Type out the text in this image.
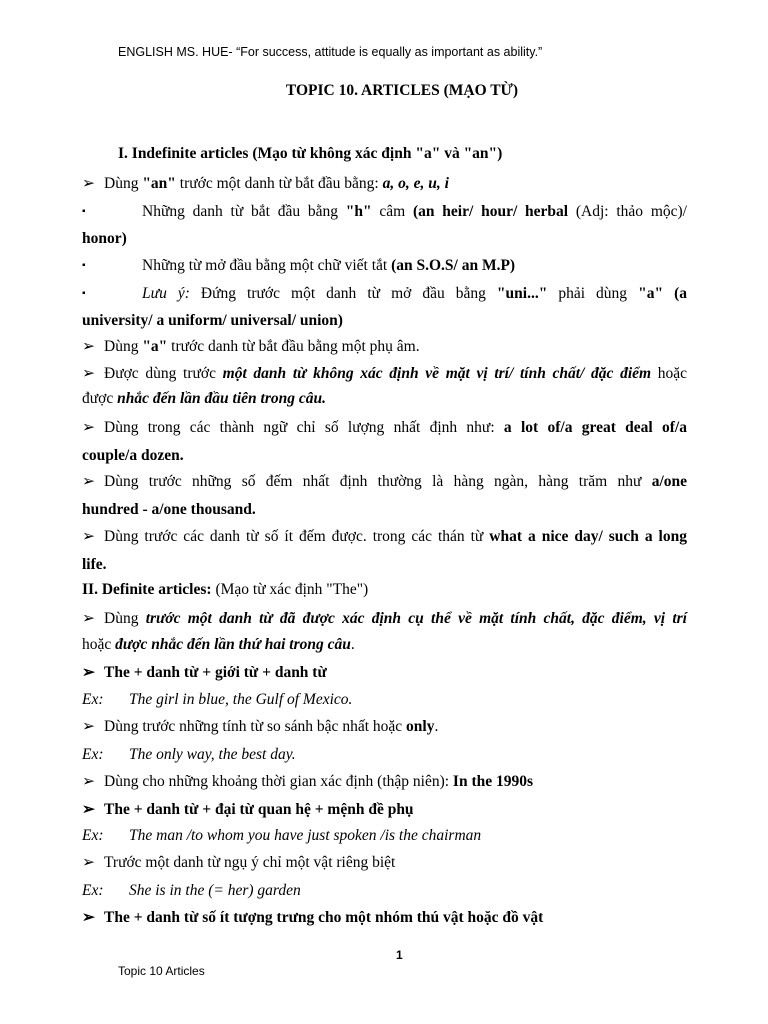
ENGLISH MS. HUE- “For success, attitude is equally as important as ability.”
TOPIC 10. ARTICLES (MẠO TỪ)
I. Indefinite articles (Mạo từ không xác định "a" và "an")
➢ Dùng "an" trước một danh từ bắt đầu bằng: a, o, e, u, i
▪	Những danh từ bắt đầu bằng "h" câm (an heir/ hour/ herbal (Adj: thảo mộc)/
honor)
▪	Những từ mở đầu bằng một chữ viết tắt (an S.O.S/ an M.P)
▪	Lưu ý: Đứng trước một danh từ mở đầu bằng "uni..." phải dùng "a" (a
university/ a uniform/ universal/ union)
➢ Dùng "a" trước danh từ bắt đầu bằng một phụ âm.
➢ Được dùng trước một danh từ không xác định về mặt vị trí/ tính chất/ đặc điểm hoặc
được nhắc đến lần đầu tiên trong câu.
➢ Dùng trong các thành ngữ chỉ số lượng nhất định như: a lot of/a great deal of/a
couple/a dozen.
➢ Dùng trước những số đếm nhất định thường là hàng ngàn, hàng trăm như a/one
hundred - a/one thousand.
➢ Dùng trước các danh từ số ít đếm được. trong các thán từ what a nice day/ such a long
life.
II. Definite articles: (Mạo từ xác định "The")
➢ Dùng trước một danh từ đã được xác định cụ thể về mặt tính chất, đặc điểm, vị trí
hoặc được nhắc đến lần thứ hai trong câu.
➢ The + danh từ + giới từ + danh từ
Ex: The girl in blue, the Gulf of Mexico.
➢ Dùng trước những tính từ so sánh bậc nhất hoặc only.
Ex: The only way, the best day.
➢ Dùng cho những khoảng thời gian xác định (thập niên): In the 1990s
➢ The + danh từ + đại từ quan hệ + mệnh đề phụ
Ex: The man /to whom you have just spoken /is the chairman
➢ Trước một danh từ ngụ ý chỉ một vật riêng biệt
Ex: She is in the (= her) garden
➢ The + danh từ số ít tượng trưng cho một nhóm thú vật hoặc đồ vật
1
Topic 10 Articles
